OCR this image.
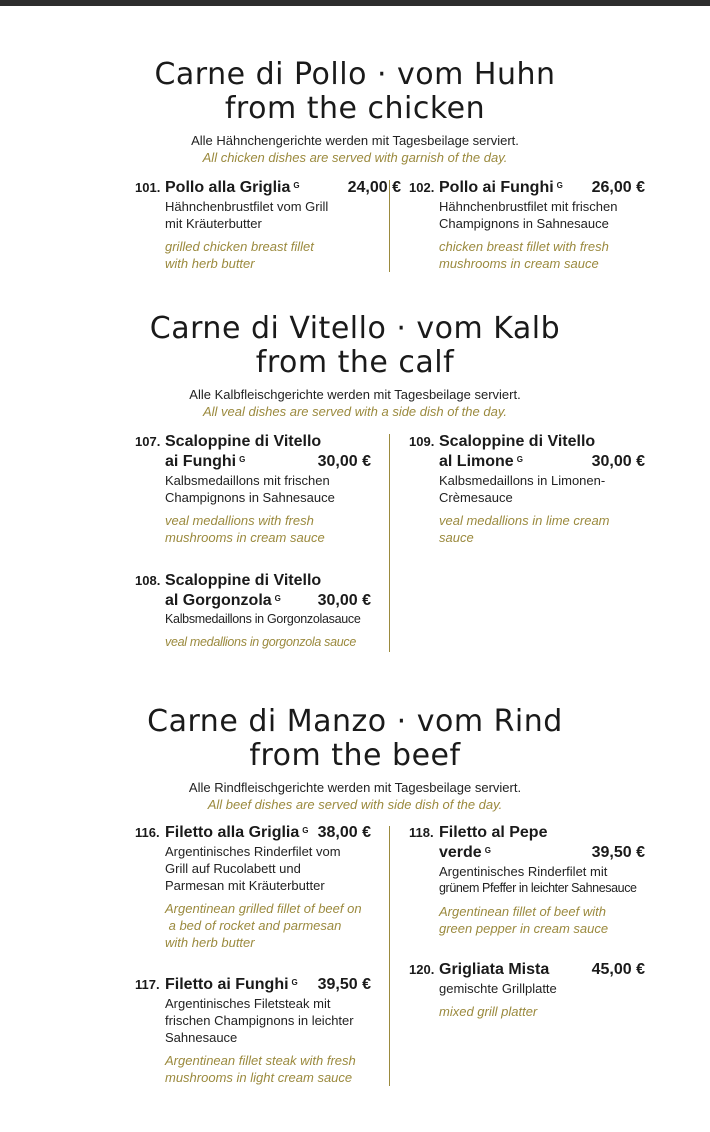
Carne di Pollo · vom Huhn
from the chicken
Alle Hähnchengerichte werden mit Tagesbeilage serviert.
All chicken dishes are served with garnish of the day.
101.	24,00 €
Pollo alla Griglia $^G$
Hähnchenbrustfilet vom Grill
mit Kräuterbutter
grilled chicken breast fillet
with herb butter
102.	26,00 €
Pollo ai Funghi $^G$
Hähnchenbrustfilet mit frischen
Champignons in Sahnesauce
chicken breast fillet with fresh
mushrooms in cream sauce
Carne di Vitello · vom Kalb
from the calf
Alle Kalbfleischgerichte werden mit Tagesbeilage serviert.
All veal dishes are served with a side dish of the day.
107. Scaloppine di Vitello
ai Funghi $^G$	30,00 €
Kalbsmedaillons mit frischen
Champignons in Sahnesauce
veal medallions with fresh
mushrooms in cream sauce
109. Scaloppine di Vitello
al Limone $^G$	30,00 €
Kalbsmedaillons in Limonen-
Crèmesauce
veal medallions in lime cream
sauce
108. Scaloppine di Vitello
al Gorgonzola $^G$ 30,00 €
Kalbsmedaillons in Gorgonzolasauce
veal medallions in gorgonzola sauce
Carne di Manzo · vom Rind
from the beef
Alle Rindfleischgerichte werden mit Tagesbeilage serviert.
All beef dishes are served with side dish of the day.
116.	38,00 €
Filetto alla Griglia $^G$
Argentinisches Rinderfilet vom
Grill auf Rucolabett und
Parmesan mit Kräuterbutter
Argentinean grilled fillet of beef on
a bed of rocket and parmesan
with herb butter
118. Filetto al Pepe
verde $^G$	39,50 €
Argentinisches Rinderfilet mit
grünem Pfeffer in leichter Sahnesauce
Argentinean fillet of beef with
green pepper in cream sauce
117.	39,50 €
Filetto ai Funghi $^G$
Argentinisches Filetsteak mit
frischen Champignons in leichter
Sahnesauce
Argentinean fillet steak with fresh
mushrooms in light cream sauce
120.	45,00 €
Grigliata Mista
gemischte Grillplatte
mixed grill platter
